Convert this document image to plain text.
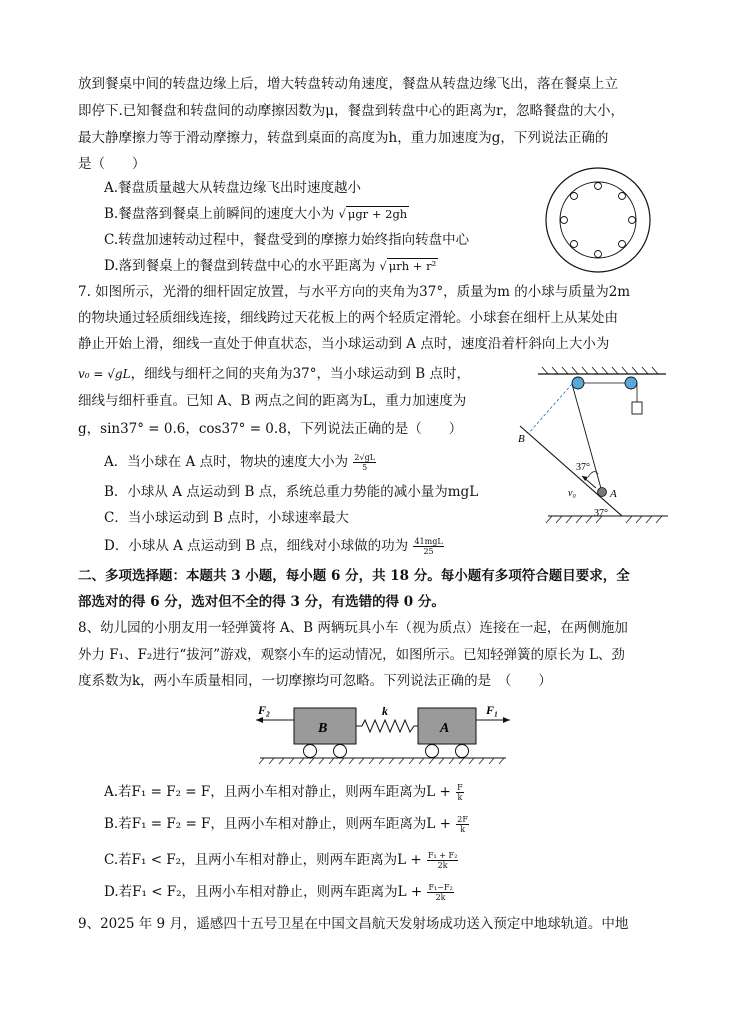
放到餐桌中间的转盘边缘上后，增大转盘转动角速度，餐盘从转盘边缘飞出，落在餐桌上立
即停下.已知餐盘和转盘间的动摩擦因数为μ，餐盘到转盘中心的距离为r，忽略餐盘的大小，
最大静摩擦力等于滑动摩擦力，转盘到桌面的高度为h，重力加速度为g，下列说法正确的
是（　　）
A.餐盘质量越大从转盘边缘飞出时速度越小
B.餐盘落到餐桌上前瞬间的速度大小为 √ μgr + 2gh
C.转盘加速转动过程中，餐盘受到的摩擦力始终指向转盘中心
D.落到餐桌上的餐盘到转盘中心的水平距离为 √ μrh + r²
7. 如图所示，光滑的细杆固定放置，与水平方向的夹角为37°，质量为m 的小球与质量为2m
的物块通过轻质细线连接，细线跨过天花板上的两个轻质定滑轮。小球套在细杆上从某处由
静止开始上滑，细线一直处于伸直状态，当小球运动到 A 点时，速度沿着杆斜向上大小为
v₀ = √gL，细线与细杆之间的夹角为37°，当小球运动到 B 点时，
细线与细杆垂直。已知 A、B 两点之间的距离为L，重力加速度为
g，sin37° = 0.6，cos37° = 0.8，下列说法正确的是（　　）
A．当小球在 A 点时，物块的速度大小为 $\frac{2√gL}{5}$
B．小球从 A 点运动到 B 点，系统总重力势能的减小量为mgL
C．当小球运动到 B 点时，小球速率最大
D．小球从 A 点运动到 B 点，细线对小球做的功为 $\frac{\text{41mgL}}{25}$
B
37°
v₀	A
37°
二、多项选择题：本题共 3 小题，每小题 6 分，共 18 分。每小题有多项符合题目要求，全
部选对的得 6 分，选对但不全的得 3 分，有选错的得 0 分。
8、幼儿园的小朋友用一轻弹簧将 A、B 两辆玩具小车（视为质点）连接在一起，在两侧施加
外力 F₁、F₂进行“拔河”游戏，观察小车的运动情况，如图所示。已知轻弹簧的原长为 L、劲
度系数为k，两小车质量相同，一切摩擦均可忽略。下列说法正确的是　（　　）
F₂
B
k
A
F₁
A.若F₁ = F₂ = F，且两小车相对静止，则两车距离为$L + \frac{F}{k}$
B.若F₁ = F₂ = F，且两小车相对静止，则两车距离为$L + \frac{2F}{k}$
C.若F₁ < F₂，且两小车相对静止，则两车距离为$L + \frac{\text{F₁ + F₂}}{2k}$
D.若F₁ < F₂，且两小车相对静止，则两车距离为$L + \frac{\text{F₁−F₂}}{2k}$
9、2025 年 9 月，遥感四十五号卫星在中国文昌航天发射场成功送入预定中地球轨道。中地
